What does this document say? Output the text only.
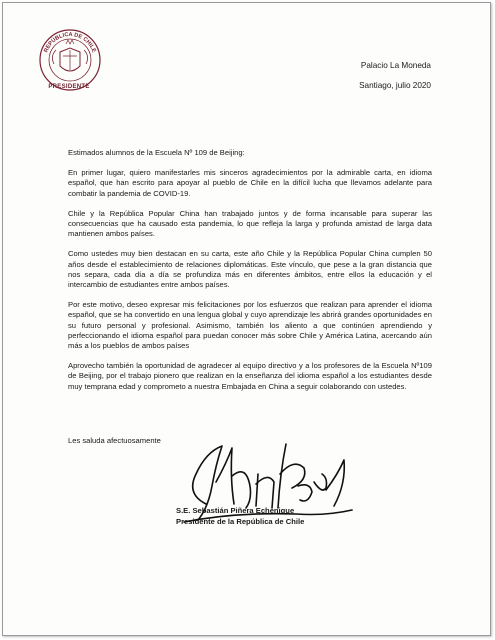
REPÚBLICA DE CHILE
PRESIDENTE
Palacio La Moneda
Santiago, julio 2020

Estimados alumnos de la Escuela Nº 109 de Beijing:

En primer lugar, quiero manifestarles mis sinceros agradecimientos por la admirable carta, en idioma español, que han escrito para apoyar al pueblo de Chile en la difícil lucha que llevamos adelante para combatir la pandemia de COVID-19.

Chile y la República Popular China han trabajado juntos y de forma incansable para superar las consecuencias que ha causado esta pandemia, lo que refleja la larga y profunda amistad de larga data mantienen ambos países.

Como ustedes muy bien destacan en su carta, este año Chile y la República Popular China cumplen 50 años desde el establecimiento de relaciones diplomáticas. Este vínculo, que pese a la gran distancia que nos separa, cada día a día se profundiza más en diferentes ámbitos, entre ellos la educación y el intercambio de estudiantes entre ambos países.

Por este motivo, deseo expresar mis felicitaciones por los esfuerzos que realizan para aprender el idioma español, que se ha convertido en una lengua global y cuyo aprendizaje les abrirá grandes oportunidades en su futuro personal y profesional. Asimismo, también los aliento a que continúen aprendiendo y perfeccionando el idioma español para puedan conocer más sobre Chile y América Latina, acercando aún más a los pueblos de ambos países

Aprovecho también la oportunidad de agradecer al equipo directivo y a los profesores de la Escuela Nº109 de Beijing, por el trabajo pionero que realizan en la enseñanza del idioma español a los estudiantes desde muy temprana edad y comprometo a nuestra Embajada en China a seguir colaborando con ustedes.

Les saluda afectuosamente

S.E. Sebastián Piñera Echenique

Presidente de la República de Chile
